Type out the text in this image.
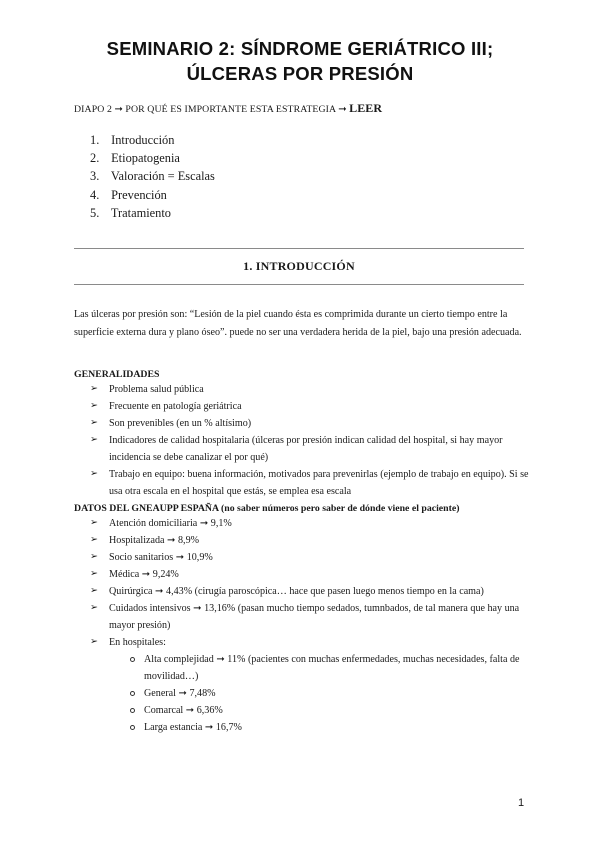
SEMINARIO 2: SÍNDROME GERIÁTRICO III; ÚLCERAS POR PRESIÓN
DIAPO 2 ➞ POR QUÉ ES IMPORTANTE ESTA ESTRATEGIA ➞ LEER
1. Introducción
2. Etiopatogenia
3. Valoración = Escalas
4. Prevención
5. Tratamiento
1. INTRODUCCIÓN

Las úlceras por presión son: “Lesión de la piel cuando ésta es comprimida durante un cierto tiempo entre la superficie externa dura y plano óseo”. puede no ser una verdadera herida de la piel, bajo una presión adecuada.

GENERALIDADES
➢ Problema salud pública
➢ Frecuente en patología geriátrica
➢ Son prevenibles (en un % altísimo)
➢ Indicadores de calidad hospitalaria (úlceras por presión indican calidad del hospital, si hay mayor incidencia se debe canalizar el por qué)
➢ Trabajo en equipo: buena información, motivados para prevenirlas (ejemplo de trabajo en equipo). Si se usa otra escala en el hospital que estás, se emplea esa escala
DATOS DEL GNEAUPP ESPAÑA (no saber números pero saber de dónde viene el paciente)
➢ Atención domiciliaria ➞ 9,1%
➢ Hospitalizada ➞ 8,9%
➢ Socio sanitarios ➞ 10,9%
➢ Médica ➞ 9,24%
➢ Quirúrgica ➞ 4,43% (cirugía paroscópica… hace que pasen luego menos tiempo en la cama)
➢ Cuidados intensivos ➞ 13,16% (pasan mucho tiempo sedados, tumnbados, de tal manera que hay una mayor presión)
➢ En hospitales:
Alta complejidad ➞ 11% (pacientes con muchas enfermedades, muchas necesidades, falta de movilidad…)
General ➞ 7,48%
Comarcal ➞ 6,36%
Larga estancia ➞ 16,7%
1
